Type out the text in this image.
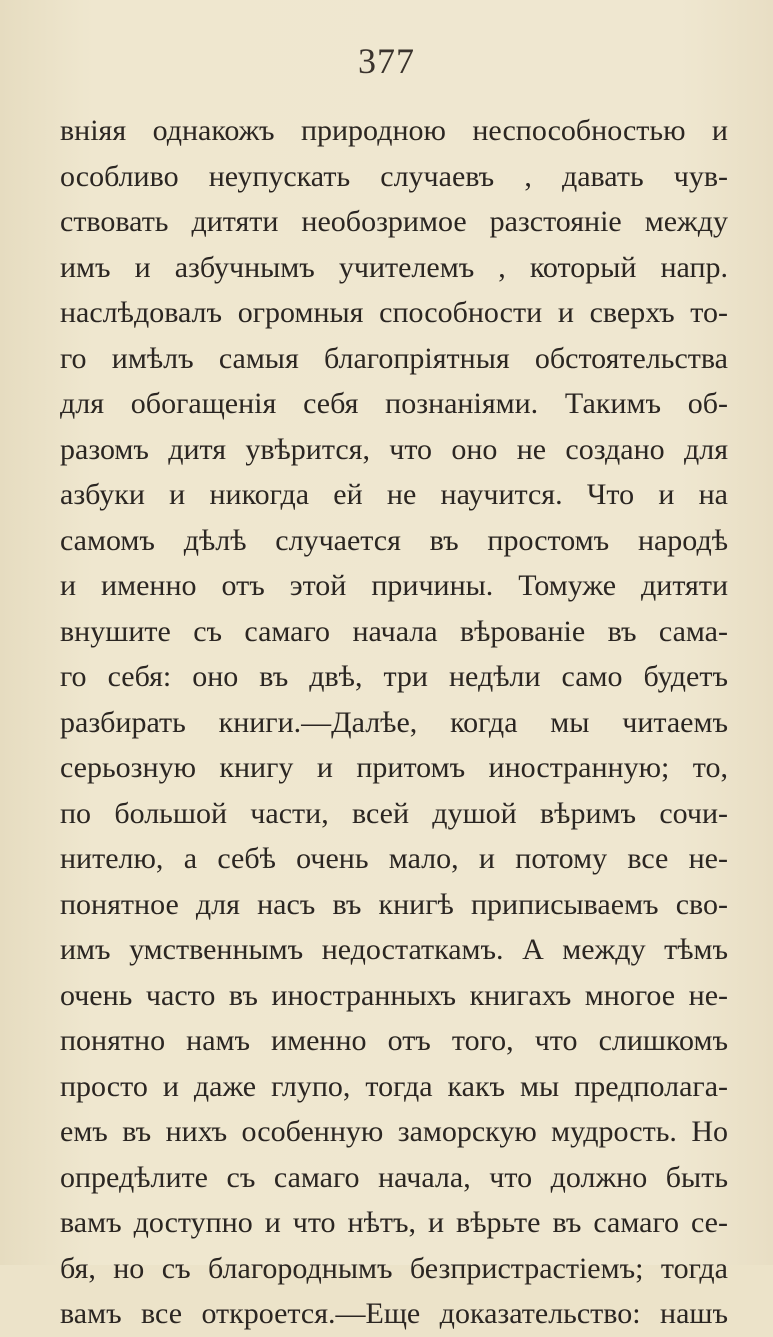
377
вніяя однакожъ природною неспособностью и
особливо неупускать случаевъ , давать чув-
ствовать дитяти необозримое разстояніе между
имъ и азбучнымъ учителемъ , который напр.
наслѣдовалъ огромныя способности и сверхъ то-
го имѣлъ самыя благопріятныя обстоятельства
для обогащенія себя познаніями. Такимъ об-
разомъ дитя увѣрится, что оно не создано для
азбуки и никогда ей не научится. Что и на
самомъ дѣлѣ случается въ простомъ народѣ
и именно отъ этой причины. Томуже дитяти
внушите съ самаго начала вѣрованіе въ сама-
го себя: оно въ двѣ, три недѣли само будетъ
разбирать книги.—Далѣе, когда мы читаемъ
серьозную книгу и притомъ иностранную; то,
по большой части, всей душой вѣримъ сочи-
нителю, а себѣ очень мало, и потому все не-
понятное для насъ въ книгѣ приписываемъ сво-
имъ умственнымъ недостаткамъ. А между тѣмъ
очень часто въ иностранныхъ книгахъ многое не-
понятно намъ именно отъ того, что слишкомъ
просто и даже глупо, тогда какъ мы предполага-
емъ въ нихъ особенную заморскую мудрость. Но
опредѣлите съ самаго начала, что должно быть
вамъ доступно и что нѣтъ, и вѣрьте въ самаго се-
бя, но съ благороднымъ безпристрастіемъ; тогда
вамъ все откроется.—Еще доказательство: нашъ
